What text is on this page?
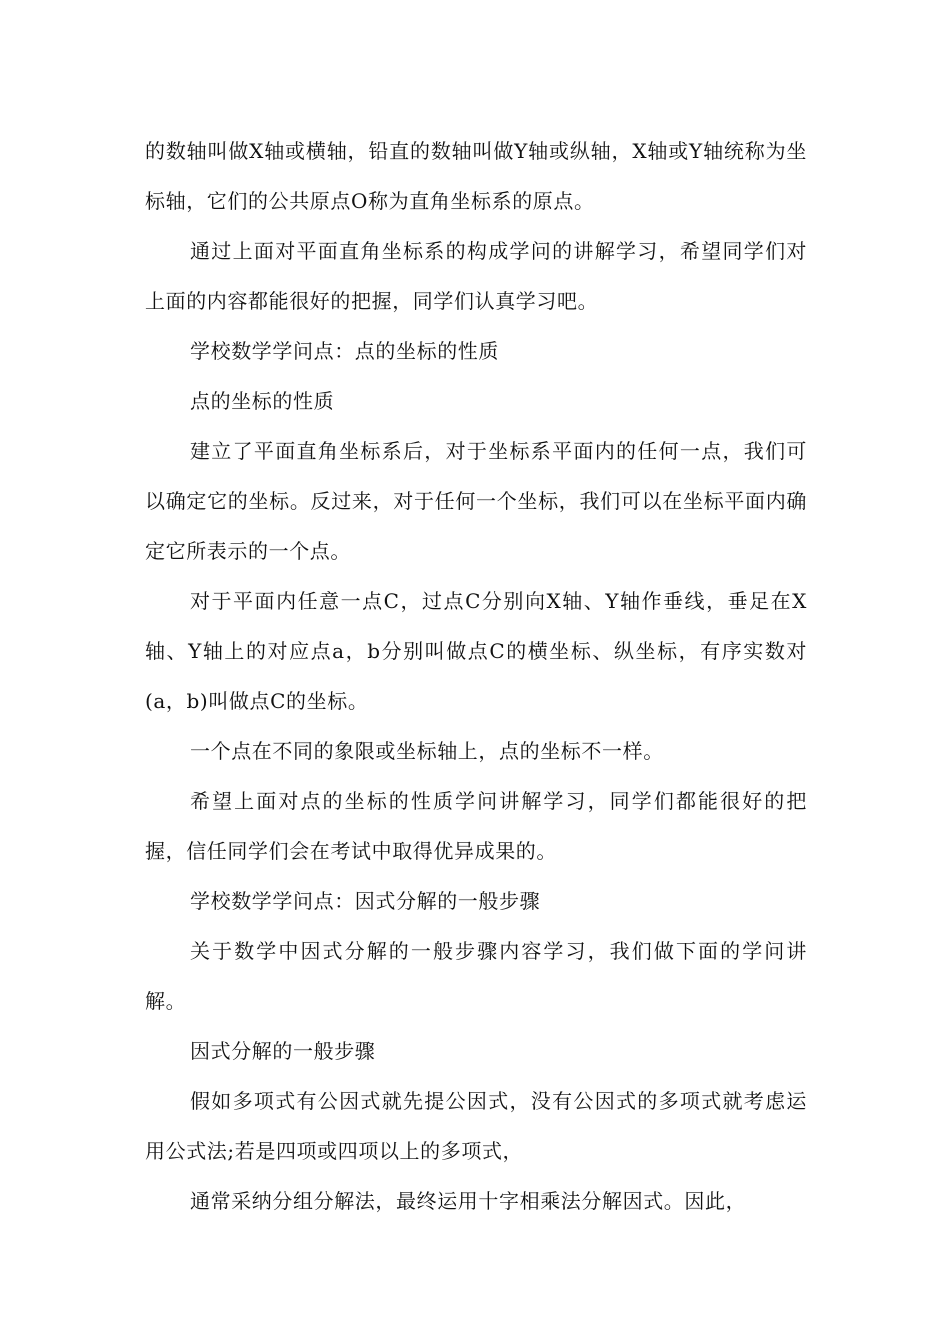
的数轴叫做X轴或横轴，铅直的数轴叫做Y轴或纵轴，X轴或Y轴统称为坐标轴，它们的公共原点O称为直角坐标系的原点。

通过上面对平面直角坐标系的构成学问的讲解学习，希望同学们对上面的内容都能很好的把握，同学们认真学习吧。

学校数学学问点：点的坐标的性质

点的坐标的性质

建立了平面直角坐标系后，对于坐标系平面内的任何一点，我们可以确定它的坐标。反过来，对于任何一个坐标，我们可以在坐标平面内确定它所表示的一个点。

对于平面内任意一点C，过点C分别向X轴、Y轴作垂线，垂足在X轴、Y轴上的对应点a，b分别叫做点C的横坐标、纵坐标，有序实数对(a，b)叫做点C的坐标。

一个点在不同的象限或坐标轴上，点的坐标不一样。

希望上面对点的坐标的性质学问讲解学习，同学们都能很好的把握，信任同学们会在考试中取得优异成果的。

学校数学学问点：因式分解的一般步骤

关于数学中因式分解的一般步骤内容学习，我们做下面的学问讲解。

因式分解的一般步骤

假如多项式有公因式就先提公因式，没有公因式的多项式就考虑运用公式法;若是四项或四项以上的多项式，

通常采纳分组分解法，最终运用十字相乘法分解因式。因此，
